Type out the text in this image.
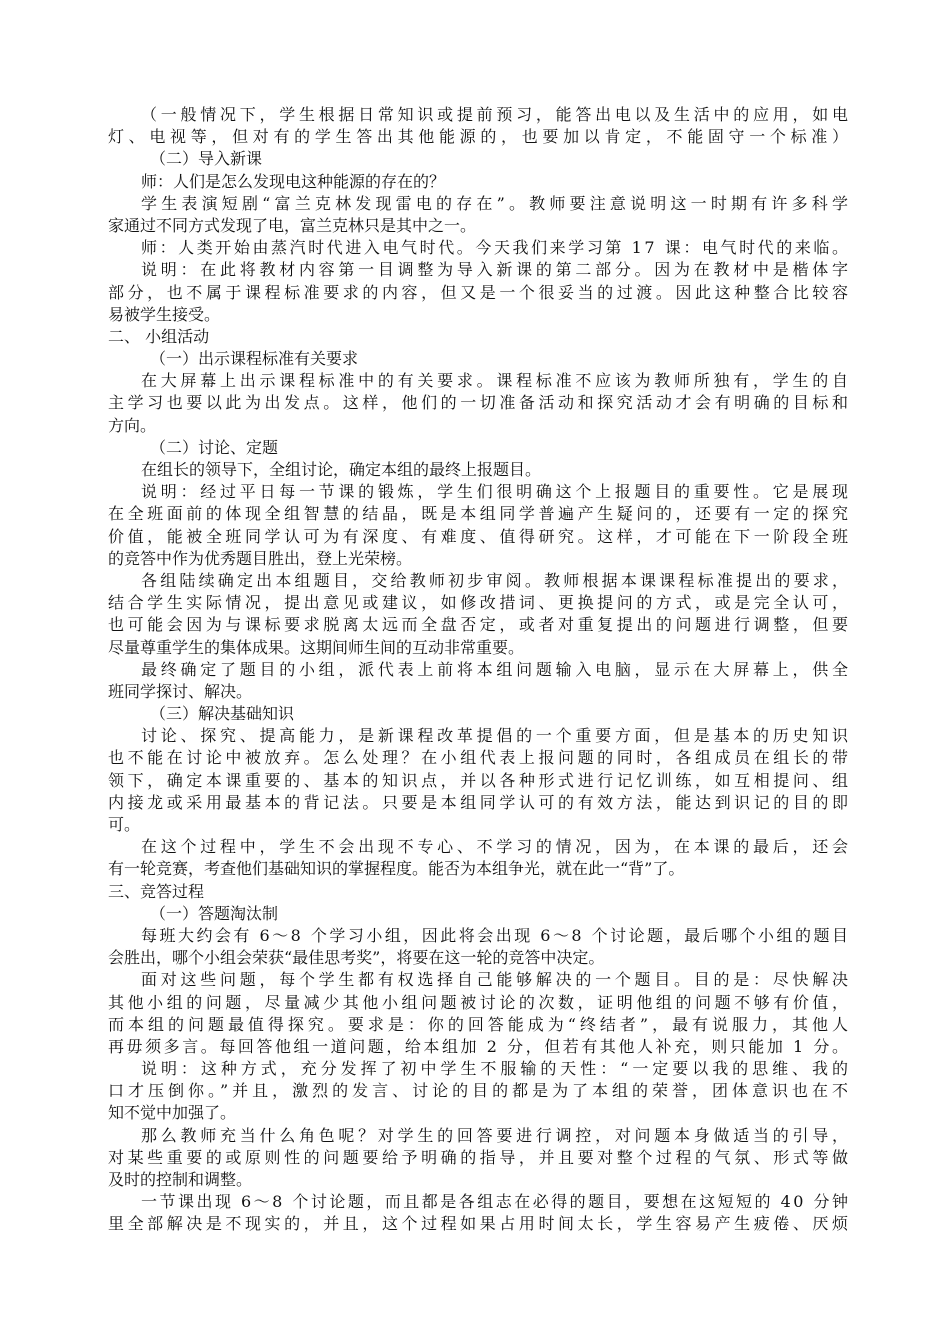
（一般情况下，学生根据日常知识或提前预习，能答出电以及生活中的应用，如电
灯、电视等，但对有的学生答出其他能源的，也要加以肯定，不能固守一个标准）
（二）导入新课
师：人们是怎么发现电这种能源的存在的？
学生表演短剧“富兰克林发现雷电的存在”。教师要注意说明这一时期有许多科学
家通过不同方式发现了电，富兰克林只是其中之一。
师：人类开始由蒸汽时代进入电气时代。今天我们来学习第 17 课：电气时代的来临。
说明：在此将教材内容第一目调整为导入新课的第二部分。因为在教材中是楷体字
部分，也不属于课程标准要求的内容，但又是一个很妥当的过渡。因此这种整合比较容
易被学生接受。
二、 小组活动
（一）出示课程标准有关要求
在大屏幕上出示课程标准中的有关要求。课程标准不应该为教师所独有，学生的自
主学习也要以此为出发点。这样，他们的一切准备活动和探究活动才会有明确的目标和
方向。
（二）讨论、定题
在组长的领导下，全组讨论，确定本组的最终上报题目。
说明：经过平日每一节课的锻炼，学生们很明确这个上报题目的重要性。它是展现
在全班面前的体现全组智慧的结晶，既是本组同学普遍产生疑问的，还要有一定的探究
价值，能被全班同学认可为有深度、有难度、值得研究。这样，才可能在下一阶段全班
的竞答中作为优秀题目胜出，登上光荣榜。
各组陆续确定出本组题目，交给教师初步审阅。教师根据本课课程标准提出的要求，
结合学生实际情况，提出意见或建议，如修改措词、更换提问的方式，或是完全认可，
也可能会因为与课标要求脱离太远而全盘否定，或者对重复提出的问题进行调整，但要
尽量尊重学生的集体成果。这期间师生间的互动非常重要。
最终确定了题目的小组，派代表上前将本组问题输入电脑，显示在大屏幕上，供全
班同学探讨、解决。
（三）解决基础知识
讨论、探究、提高能力，是新课程改革提倡的一个重要方面，但是基本的历史知识
也不能在讨论中被放弃。怎么处理？在小组代表上报问题的同时，各组成员在组长的带
领下，确定本课重要的、基本的知识点，并以各种形式进行记忆训练，如互相提问、组
内接龙或采用最基本的背记法。只要是本组同学认可的有效方法，能达到识记的目的即
可。
在这个过程中，学生不会出现不专心、不学习的情况，因为，在本课的最后，还会
有一轮竞赛，考查他们基础知识的掌握程度。能否为本组争光，就在此一“背”了。
三、竞答过程
（一）答题淘汰制
每班大约会有 6～8 个学习小组，因此将会出现 6～8 个讨论题，最后哪个小组的题目
会胜出，哪个小组会荣获“最佳思考奖”，将要在这一轮的竞答中决定。
面对这些问题，每个学生都有权选择自己能够解决的一个题目。目的是：尽快解决
其他小组的问题，尽量减少其他小组问题被讨论的次数，证明他组的问题不够有价值，
而本组的问题最值得探究。要求是：你的回答能成为“终结者”，最有说服力，其他人
再毋须多言。每回答他组一道问题，给本组加 2 分，但若有其他人补充，则只能加 1 分。
说明：这种方式，充分发挥了初中学生不服输的天性：“一定要以我的思维、我的
口才压倒你。”并且，激烈的发言、讨论的目的都是为了本组的荣誉，团体意识也在不
知不觉中加强了。
那么教师充当什么角色呢？对学生的回答要进行调控，对问题本身做适当的引导，
对某些重要的或原则性的问题要给予明确的指导，并且要对整个过程的气氛、形式等做
及时的控制和调整。
一节课出现 6～8 个讨论题，而且都是各组志在必得的题目，要想在这短短的 40 分钟
里全部解决是不现实的，并且，这个过程如果占用时间太长，学生容易产生疲倦、厌烦
